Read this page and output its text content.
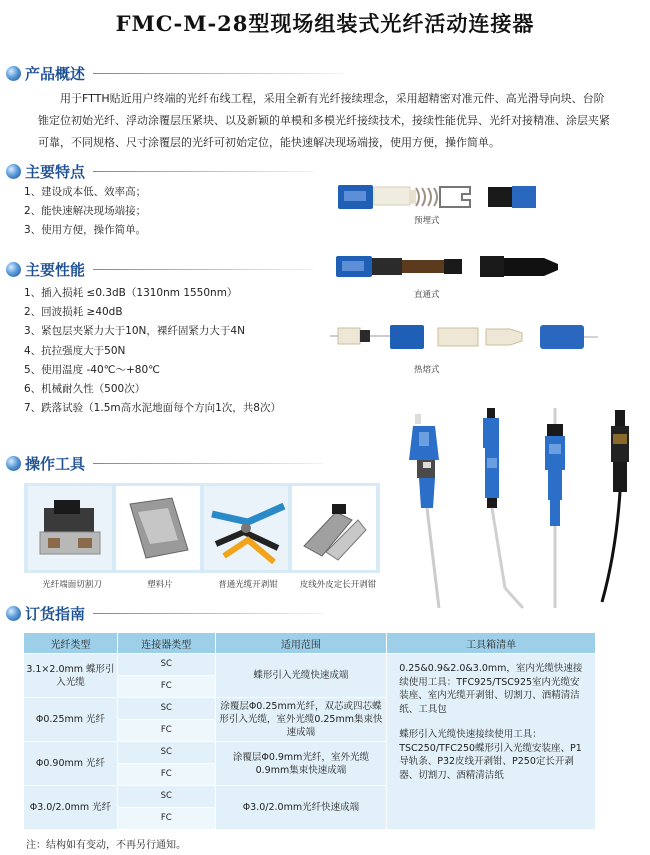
FMC-M-28型现场组装式光纤活动连接器
产品概述

用于FTTH贴近用户终端的光纤布线工程，采用全新有光纤接续理念，采用超精密对准元件、高光滑导向块、台阶锥定位初始光纤、浮动涂覆层压紧块、以及新颖的单模和多模光纤接续技术，接续性能优异、光纤对接精准、涂层夹紧可靠，不同规格、尺寸涂覆层的光纤可初始定位，能快速解决现场端接，使用方便，操作简单。

主要特点
1、建设成本低、效率高；
2、能快速解决现场端接；
3、使用方便，操作简单。
主要性能
1、插入损耗 ≤0.3dB（1310nm 1550nm）
2、回波损耗 ≥40dB
3、紧包层夹紧力大于10N，裸纤固紧力大于4N
4、抗拉强度大于50N
5、使用温度 -40℃～+80℃
6、机械耐久性（500次）
7、跌落试验（1.5m高水泥地面每个方向1次，共8次）
预埋式
直通式
热熔式
操作工具
光纤端面切割刀	塑料片	普通光缆开剥钳	皮线外皮定长开剥钳
订货指南
光纤类型	连接器类型	适用范围	工具箱清单
3.1×2.0mm 蝶形引入光缆	SC	蝶形引入光缆快速成端	0.25&0.9&2.0&3.0mm，室内光缆快速接续使用工具：TFC925/TSC925室内光缆安装座、室内光缆开剥钳、切割刀、酒精清洁纸、工具包
蝶形引入光缆快速接续使用工具：TSC250/TFC250蝶形引入光缆安装座、P1导轨条、P32皮线开剥钳、P250定长开剥器、切割刀、酒精清洁纸

	FC		
Φ0.25mm 光纤	SC	涂覆层Φ0.25mm光纤，双芯或四芯蝶形引入光缆，室外光缆0.25mm集束快速成端	
	FC		
Φ0.90mm 光纤	SC	涂覆层Φ0.9mm光纤，室外光缆0.9mm集束快速成端	
	FC		
Φ3.0/2.0mm 光纤	SC	Φ3.0/2.0mm光纤快速成端	
	FC		
注：结构如有变动，不再另行通知。
